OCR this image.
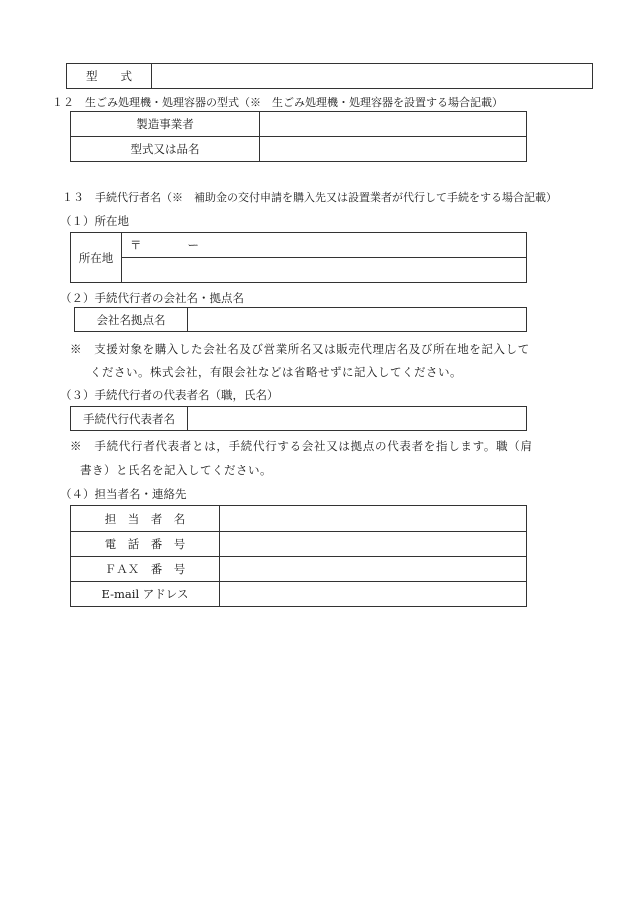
型　　式	
１２　生ごみ処理機・処理容器の型式（※　生ごみ処理機・処理容器を設置する場合記載）
製造事業者	
型式又は品名	
１３　手続代行者名（※　補助金の交付申請を購入先又は設置業者が代行して手続をする場合記載）
（１）所在地
所在地	〒　　　　ー

（２）手続代行者の会社名・拠点名
会社名拠点名	
※　支援対象を購入した会社名及び営業所名又は販売代理店名及び所在地を記入して
ください。株式会社，有限会社などは省略せずに記入してください。
（３）手続代行者の代表者名（職，氏名）
手続代行代表者名	
※　手続代行者代表者とは，手続代行する会社又は拠点の代表者を指します。職（肩
書き）と氏名を記入してください。
（４）担当者名・連絡先
担　当　者　名	
電　話　番　号	
ＦＡＸ　番　号	
E-mail アドレス	
